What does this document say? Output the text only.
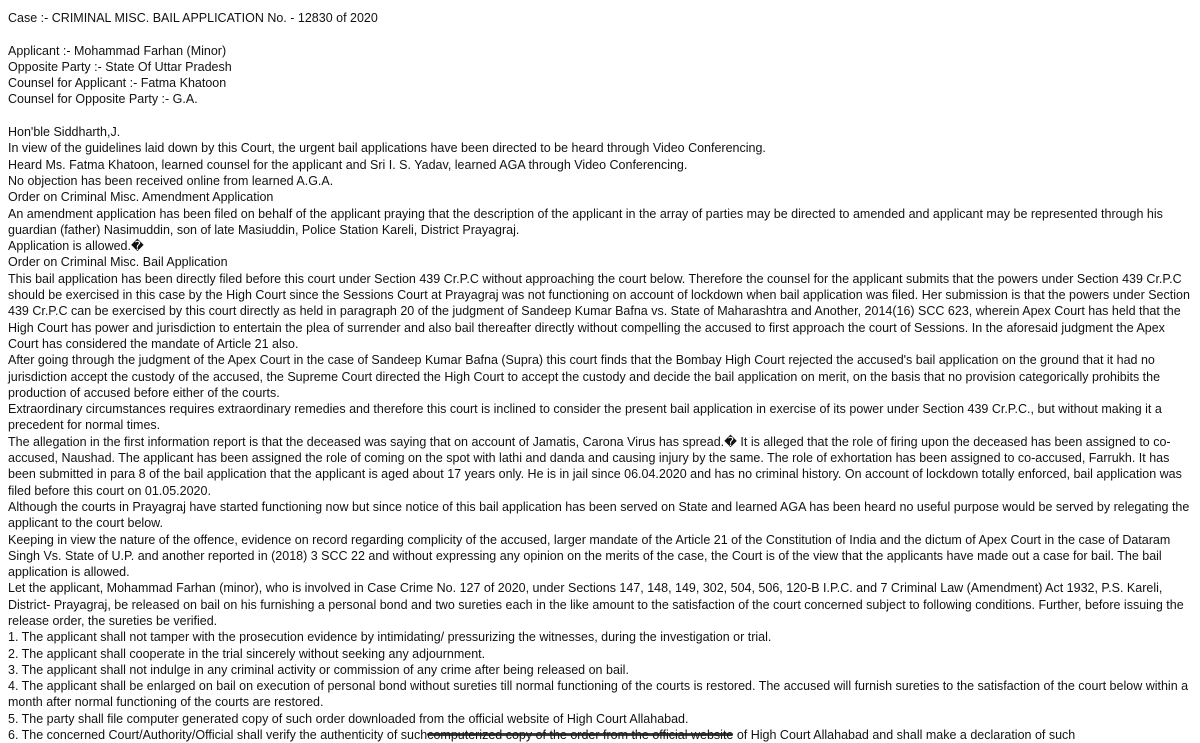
Case :- CRIMINAL MISC. BAIL APPLICATION No. - 12830 of 2020

Applicant :- Mohammad Farhan (Minor)

Opposite Party :- State Of Uttar Pradesh

Counsel for Applicant :- Fatma Khatoon

Counsel for Opposite Party :- G.A.

Hon'ble Siddharth,J.

In view of the guidelines laid down by this Court, the urgent bail applications have been directed to be heard through Video Conferencing.

Heard Ms. Fatma Khatoon, learned counsel for the applicant and Sri I. S. Yadav, learned AGA through Video Conferencing.

No objection has been received online from learned A.G.A.

Order on Criminal Misc. Amendment Application

An amendment application has been filed on behalf of the applicant praying that the description of the applicant in the array of parties may be directed to amended and applicant may be represented through his guardian (father) Nasimuddin, son of late Masiuddin, Police Station Kareli, District Prayagraj.

Application is allowed.�

Order on Criminal Misc. Bail Application

This bail application has been directly filed before this court under Section 439 Cr.P.C without approaching the court below. Therefore the counsel for the applicant submits that the powers under Section 439 Cr.P.C should be exercised in this case by the High Court since the Sessions Court at Prayagraj was not functioning on account of lockdown when bail application was filed. Her submission is that the powers under Section 439 Cr.P.C can be exercised by this court directly as held in paragraph 20 of the judgment of Sandeep Kumar Bafna vs. State of Maharashtra and Another, 2014(16) SCC 623, wherein Apex Court has held that the High Court has power and jurisdiction to entertain the plea of surrender and also bail thereafter directly without compelling the accused to first approach the court of Sessions. In the aforesaid judgment the Apex Court has considered the mandate of Article 21 also.

After going through the judgment of the Apex Court in the case of Sandeep Kumar Bafna (Supra) this court finds that the Bombay High Court rejected the accused's bail application on the ground that it had no jurisdiction accept the custody of the accused, the Supreme Court directed the High Court to accept the custody and decide the bail application on merit, on the basis that no provision categorically prohibits the production of accused before either of the courts.

Extraordinary circumstances requires extraordinary remedies and therefore this court is inclined to consider the present bail application in exercise of its power under Section 439 Cr.P.C., but without making it a precedent for normal times.

The allegation in the first information report is that the deceased was saying that on account of Jamatis, Carona Virus has spread.� It is alleged that the role of firing upon the deceased has been assigned to co-accused, Naushad. The applicant has been assigned the role of coming on the spot with lathi and danda and causing injury by the same. The role of exhortation has been assigned to co-accused, Farrukh. It has been submitted in para 8 of the bail application that the applicant is aged about 17 years only. He is in jail since 06.04.2020 and has no criminal history. On account of lockdown totally enforced, bail application was filed before this court on 01.05.2020.

Although the courts in Prayagraj have started functioning now but since notice of this bail application has been served on State and learned AGA has been heard no useful purpose would be served by relegating the applicant to the court below.

Keeping in view the nature of the offence, evidence on record regarding complicity of the accused, larger mandate of the Article 21 of the Constitution of India and the dictum of Apex Court in the case of Dataram Singh Vs. State of U.P. and another reported in (2018) 3 SCC 22 and without expressing any opinion on the merits of the case, the Court is of the view that the applicants have made out a case for bail. The bail application is allowed.

Let the applicant, Mohammad Farhan (minor), who is involved in Case Crime No. 127 of 2020, under Sections 147, 148, 149, 302, 504, 506, 120-B I.P.C. and 7 Criminal Law (Amendment) Act 1932, P.S. Kareli, District- Prayagraj, be released on bail on his furnishing a personal bond and two sureties each in the like amount to the satisfaction of the court concerned subject to following conditions. Further, before issuing the release order, the sureties be verified.

1. The applicant shall not tamper with the prosecution evidence by intimidating/ pressurizing the witnesses, during the investigation or trial.

2. The applicant shall cooperate in the trial sincerely without seeking any adjournment.

3. The applicant shall not indulge in any criminal activity or commission of any crime after being released on bail.

4. The applicant shall be enlarged on bail on execution of personal bond without sureties till normal functioning of the courts is restored. The accused will furnish sureties to the satisfaction of the court below within a month after normal functioning of the courts are restored.

5. The party shall file computer generated copy of such order downloaded from the official website of High Court Allahabad.

6. The concerned Court/Authority/Official shall verify the authenticity of such	of High Court Allahabad and shall make a declaration of such
